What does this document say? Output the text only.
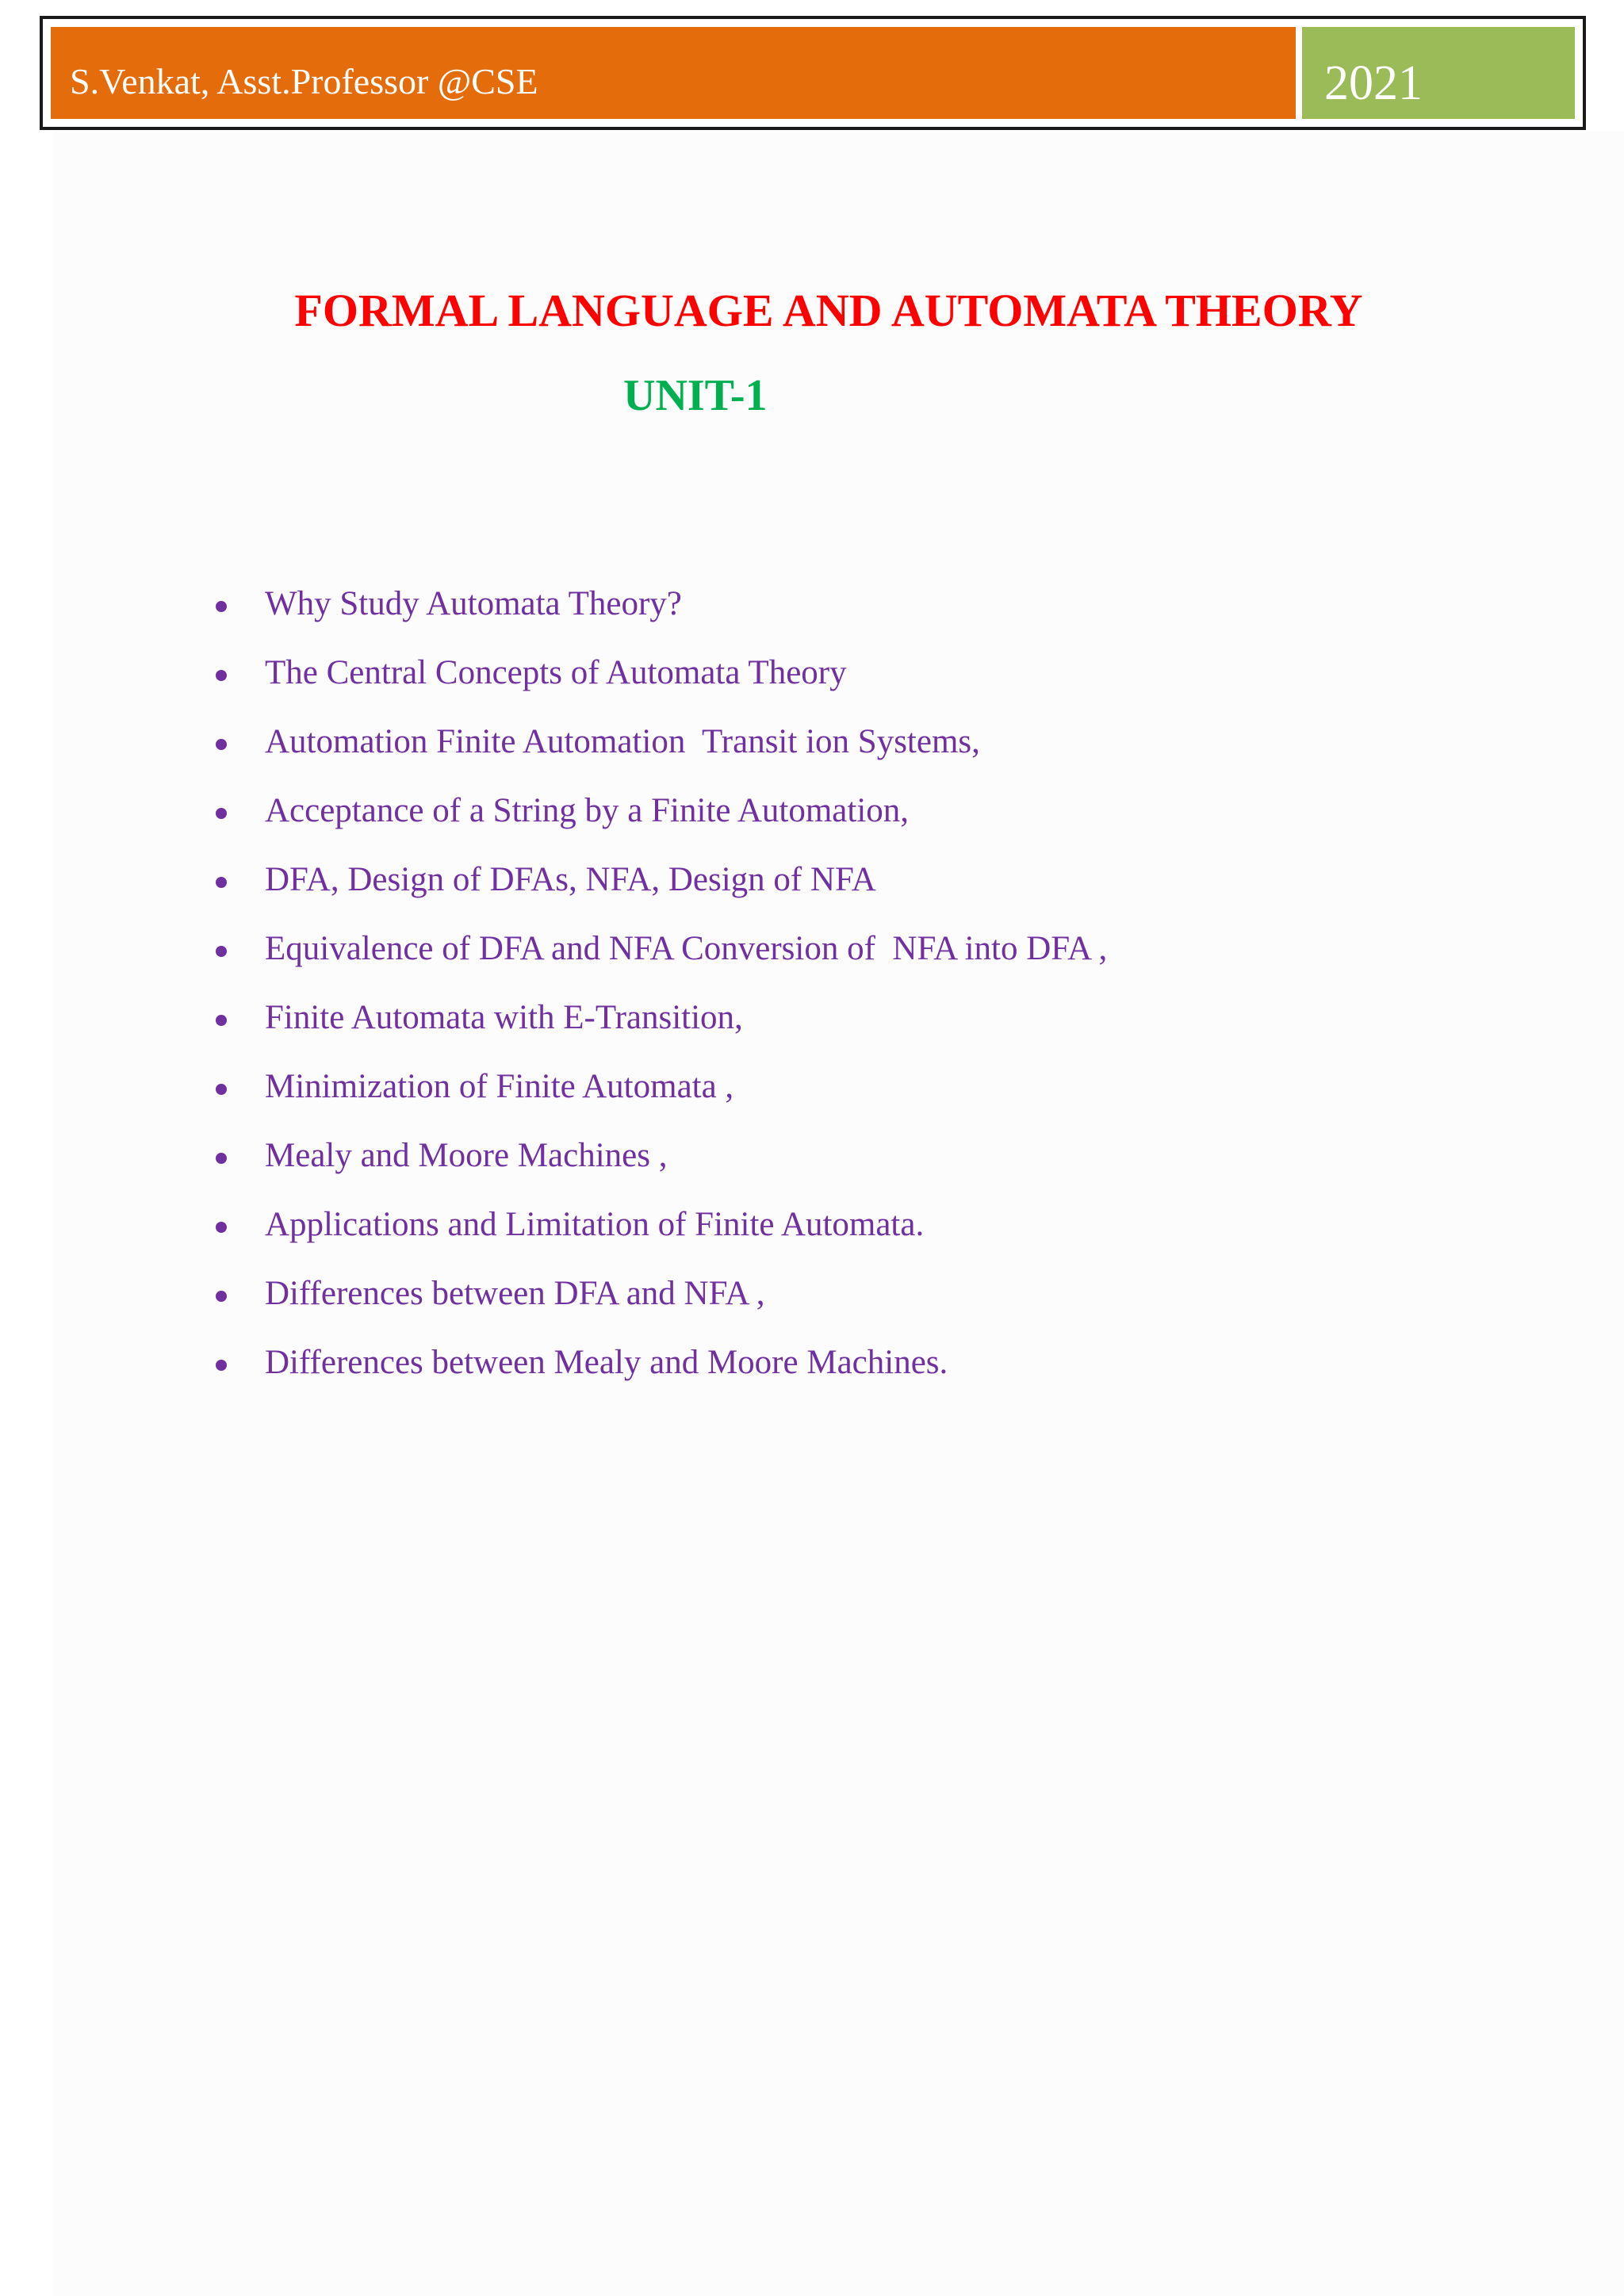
S.Venkat, Asst.Professor @CSE	2021
FORMAL LANGUAGE AND AUTOMATA THEORY
UNIT-1
Why Study Automata Theory?
The Central Concepts of Automata Theory
Automation Finite Automation  Transit ion Systems,
Acceptance of a String by a Finite Automation,
DFA, Design of DFAs, NFA, Design of NFA
Equivalence of DFA and NFA Conversion of  NFA into DFA ,
Finite Automata with E-Transition,
Minimization of Finite Automata ,
Mealy and Moore Machines ,
Applications and Limitation of Finite Automata.
Differences between DFA and NFA ,
Differences between Mealy and Moore Machines.
